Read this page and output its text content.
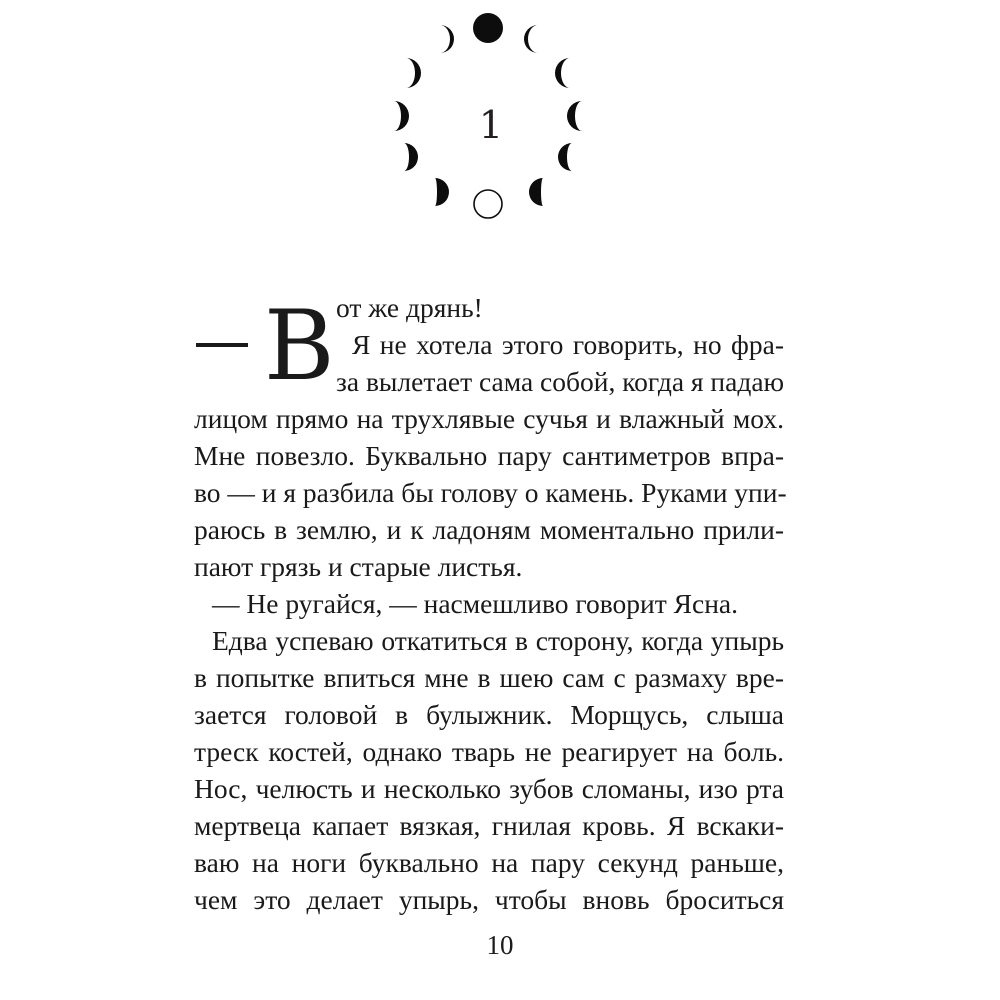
1
В от же дрянь!
Я не хотела этого говорить, но фра-
за вылетает сама собой, когда я падаю
лицом прямо на трухлявые сучья и влажный мох.
Мне повезло. Буквально пару сантиметров впра-
во — и я разбила бы голову о камень. Руками упи-
раюсь в землю, и к ладоням моментально прили-
пают грязь и старые листья.
— Не ругайся, — насмешливо говорит Ясна.
Едва успеваю откатиться в сторону, когда упырь
в попытке впиться мне в шею сам с размаху вре-
зается головой в булыжник. Морщусь, слыша
треск костей, однако тварь не реагирует на боль.
Нос, челюсть и несколько зубов сломаны, изо рта
мертвеца капает вязкая, гнилая кровь. Я вскаки-
ваю на ноги буквально на пару секунд раньше,
чем это делает упырь, чтобы вновь броситься
10
